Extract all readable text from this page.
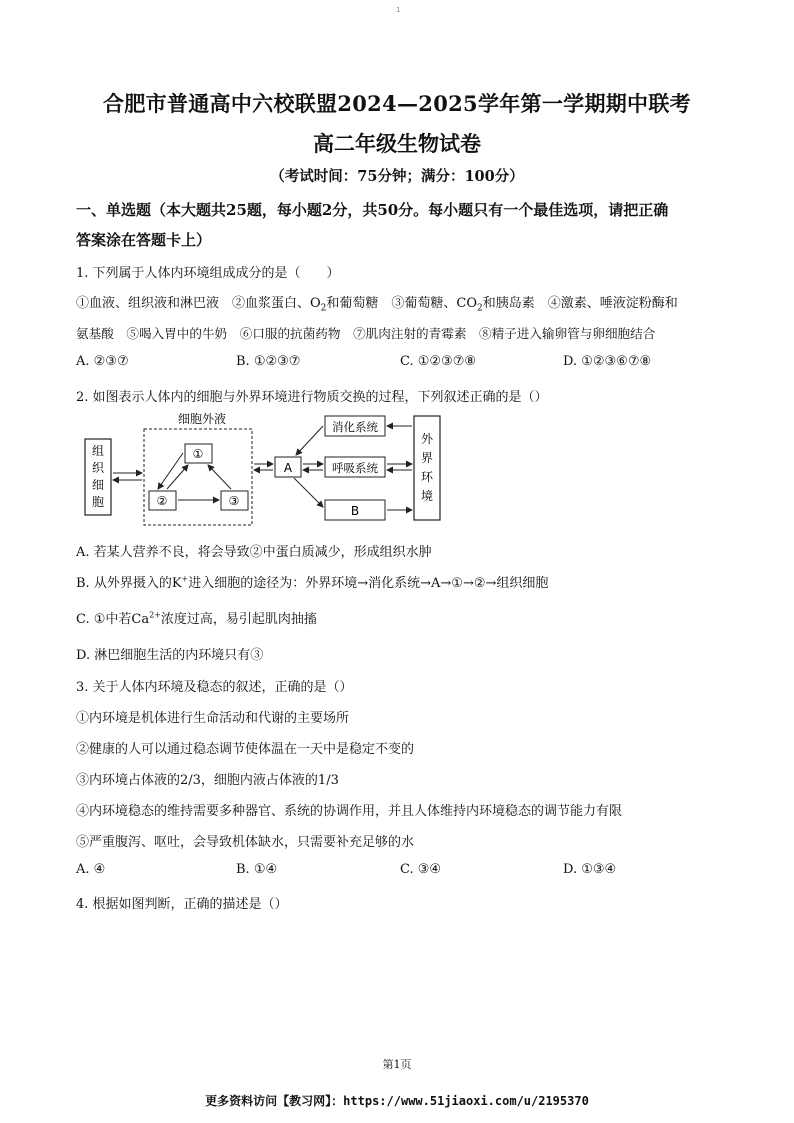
1
合肥市普通高中六校联盟2024—2025学年第一学期期中联考
高二年级生物试卷
（考试时间：75分钟；满分：100分）
一、单选题（本大题共25题，每小题2分，共50分。每小题只有一个最佳选项，请把正确
答案涂在答题卡上）
1. 下列属于人体内环境组成成分的是（　　）
①血液、组织液和淋巴液　②血浆蛋白、$O_2$和葡萄糖　③葡萄糖、$CO_2$和胰岛素　④激素、唾液淀粉酶和
氨基酸　⑤喝入胃中的牛奶　⑥口服的抗菌药物　⑦肌肉注射的青霉素　⑧精子进入输卵管与卵细胞结合
A. ②③⑦	B. ①②③⑦	C. ①②③⑦⑧	D. ①②③⑥⑦⑧
2. 如图表示人体内的细胞与外界环境进行物质交换的过程，下列叙述正确的是（）
组
织
细
胞
细胞外液
①
②	③
A
消化系统
呼吸系统
B
外
界
环
境
A. 若某人营养不良，将会导致②中蛋白质减少，形成组织水肿
B. 从外界摄入的K+进入细胞的途径为：外界环境→消化系统→A→①→②→组织细胞
C. ①中若$Ca^{2+}$浓度过高，易引起肌肉抽搐
D. 淋巴细胞生活的内环境只有③
3. 关于人体内环境及稳态的叙述，正确的是（）
①内环境是机体进行生命活动和代谢的主要场所
②健康的人可以通过稳态调节使体温在一天中是稳定不变的
③内环境占体液的2/3，细胞内液占体液的1/3
④内环境稳态的维持需要多种器官、系统的协调作用，并且人体维持内环境稳态的调节能力有限
⑤严重腹泻、呕吐，会导致机体缺水，只需要补充足够的水
A. ④	B. ①④	C. ③④	D. ①③④
4. 根据如图判断，正确的描述是（）
第1页
更多资料访问【教习网】：https://www.51jiaoxi.com/u/2195370
